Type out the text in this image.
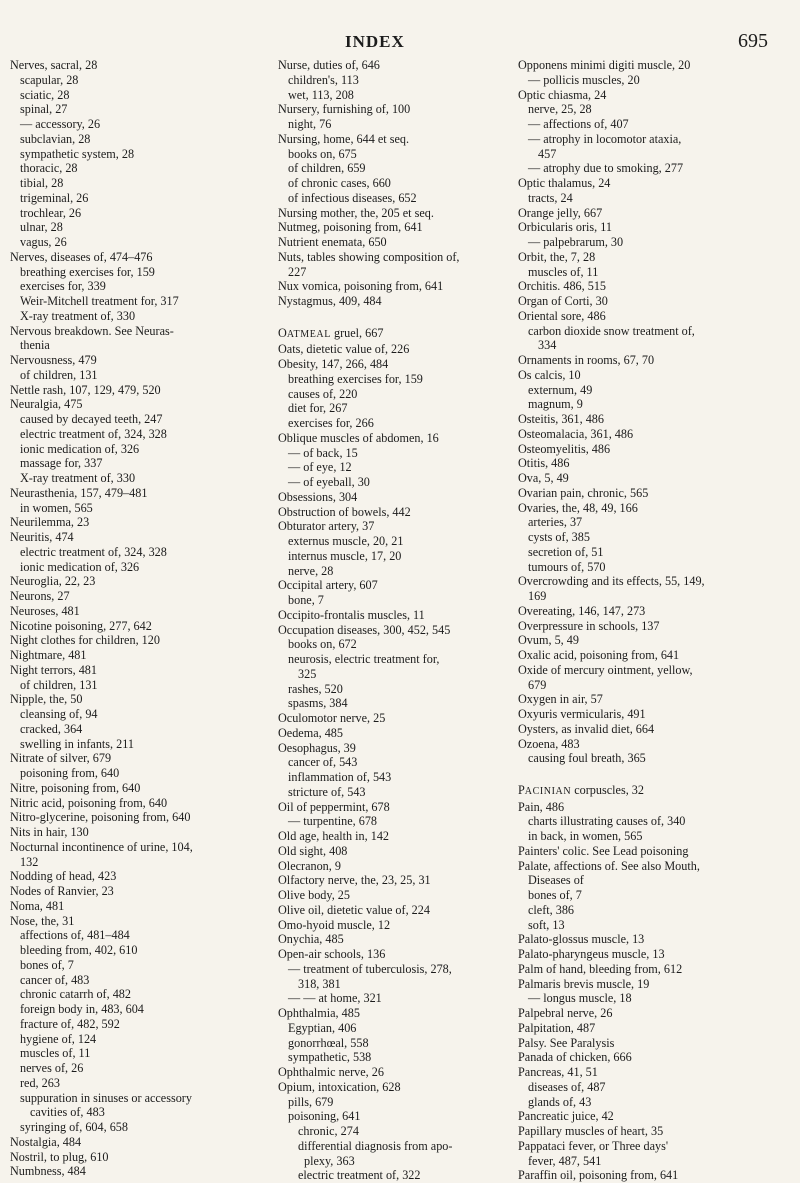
INDEX	695
Nerves, sacral, 28
scapular, 28
sciatic, 28
spinal, 27
— accessory, 26
subclavian, 28
sympathetic system, 28
thoracic, 28
tibial, 28
trigeminal, 26
trochlear, 26
ulnar, 28
vagus, 26
Nerves, diseases of, 474–476
breathing exercises for, 159
exercises for, 339
Weir-Mitchell treatment for, 317
X-ray treatment of, 330
Nervous breakdown. See Neuras-
thenia
Nervousness, 479
of children, 131
Nettle rash, 107, 129, 479, 520
Neuralgia, 475
caused by decayed teeth, 247
electric treatment of, 324, 328
ionic medication of, 326
massage for, 337
X-ray treatment of, 330
Neurasthenia, 157, 479–481
in women, 565
Neurilemma, 23
Neuritis, 474
electric treatment of, 324, 328
ionic medication of, 326
Neuroglia, 22, 23
Neurons, 27
Neuroses, 481
Nicotine poisoning, 277, 642
Night clothes for children, 120
Nightmare, 481
Night terrors, 481
of children, 131
Nipple, the, 50
cleansing of, 94
cracked, 364
swelling in infants, 211
Nitrate of silver, 679
poisoning from, 640
Nitre, poisoning from, 640
Nitric acid, poisoning from, 640
Nitro-glycerine, poisoning from, 640
Nits in hair, 130
Nocturnal incontinence of urine, 104,
132
Nodding of head, 423
Nodes of Ranvier, 23
Noma, 481
Nose, the, 31
affections of, 481–484
bleeding from, 402, 610
bones of, 7
cancer of, 483
chronic catarrh of, 482
foreign body in, 483, 604
fracture of, 482, 592
hygiene of, 124
muscles of, 11
nerves of, 26
red, 263
suppuration in sinuses or accessory
cavities of, 483
syringing of, 604, 658
Nostalgia, 484
Nostril, to plug, 610
Numbness, 484
Nurse, duties of, 646
children's, 113
wet, 113, 208
Nursery, furnishing of, 100
night, 76
Nursing, home, 644 et seq.
books on, 675
of children, 659
of chronic cases, 660
of infectious diseases, 652
Nursing mother, the, 205 et seq.
Nutmeg, poisoning from, 641
Nutrient enemata, 650
Nuts, tables showing composition of,
227
Nux vomica, poisoning from, 641
Nystagmus, 409, 484

OATMEAL gruel, 667
Oats, dietetic value of, 226
Obesity, 147, 266, 484
breathing exercises for, 159
causes of, 220
diet for, 267
exercises for, 266
Oblique muscles of abdomen, 16
— of back, 15
— of eye, 12
— of eyeball, 30
Obsessions, 304
Obstruction of bowels, 442
Obturator artery, 37
externus muscle, 20, 21
internus muscle, 17, 20
nerve, 28
Occipital artery, 607
bone, 7
Occipito-frontalis muscles, 11
Occupation diseases, 300, 452, 545
books on, 672
neurosis, electric treatment for,
325
rashes, 520
spasms, 384
Oculomotor nerve, 25
Oedema, 485
Oesophagus, 39
cancer of, 543
inflammation of, 543
stricture of, 543
Oil of peppermint, 678
— turpentine, 678
Old age, health in, 142
Old sight, 408
Olecranon, 9
Olfactory nerve, the, 23, 25, 31
Olive body, 25
Olive oil, dietetic value of, 224
Omo-hyoid muscle, 12
Onychia, 485
Open-air schools, 136
— treatment of tuberculosis, 278,
318, 381
— — at home, 321
Ophthalmia, 485
Egyptian, 406
gonorrhœal, 558
sympathetic, 538
Ophthalmic nerve, 26
Opium, intoxication, 628
pills, 679
poisoning, 641
chronic, 274
differential diagnosis from apo-
plexy, 363
electric treatment of, 322
Opponens minimi digiti muscle, 20
— pollicis muscles, 20
Optic chiasma, 24
nerve, 25, 28
— affections of, 407
— atrophy in locomotor ataxia,
457
— atrophy due to smoking, 277
Optic thalamus, 24
tracts, 24
Orange jelly, 667
Orbicularis oris, 11
— palpebrarum, 30
Orbit, the, 7, 28
muscles of, 11
Orchitis. 486, 515
Organ of Corti, 30
Oriental sore, 486
carbon dioxide snow treatment of,
334
Ornaments in rooms, 67, 70
Os calcis, 10
externum, 49
magnum, 9
Osteitis, 361, 486
Osteomalacia, 361, 486
Osteomyelitis, 486
Otitis, 486
Ova, 5, 49
Ovarian pain, chronic, 565
Ovaries, the, 48, 49, 166
arteries, 37
cysts of, 385
secretion of, 51
tumours of, 570
Overcrowding and its effects, 55, 149,
169
Overeating, 146, 147, 273
Overpressure in schools, 137
Ovum, 5, 49
Oxalic acid, poisoning from, 641
Oxide of mercury ointment, yellow,
679
Oxygen in air, 57
Oxyuris vermicularis, 491
Oysters, as invalid diet, 664
Ozoena, 483
causing foul breath, 365

PACINIAN corpuscles, 32
Pain, 486
charts illustrating causes of, 340
in back, in women, 565
Painters' colic. See Lead poisoning
Palate, affections of. See also Mouth,
Diseases of
bones of, 7
cleft, 386
soft, 13
Palato-glossus muscle, 13
Palato-pharyngeus muscle, 13
Palm of hand, bleeding from, 612
Palmaris brevis muscle, 19
— longus muscle, 18
Palpebral nerve, 26
Palpitation, 487
Palsy. See Paralysis
Panada of chicken, 666
Pancreas, 41, 51
diseases of, 487
glands of, 43
Pancreatic juice, 42
Papillary muscles of heart, 35
Pappataci fever, or Three days'
fever, 487, 541
Paraffin oil, poisoning from, 641
